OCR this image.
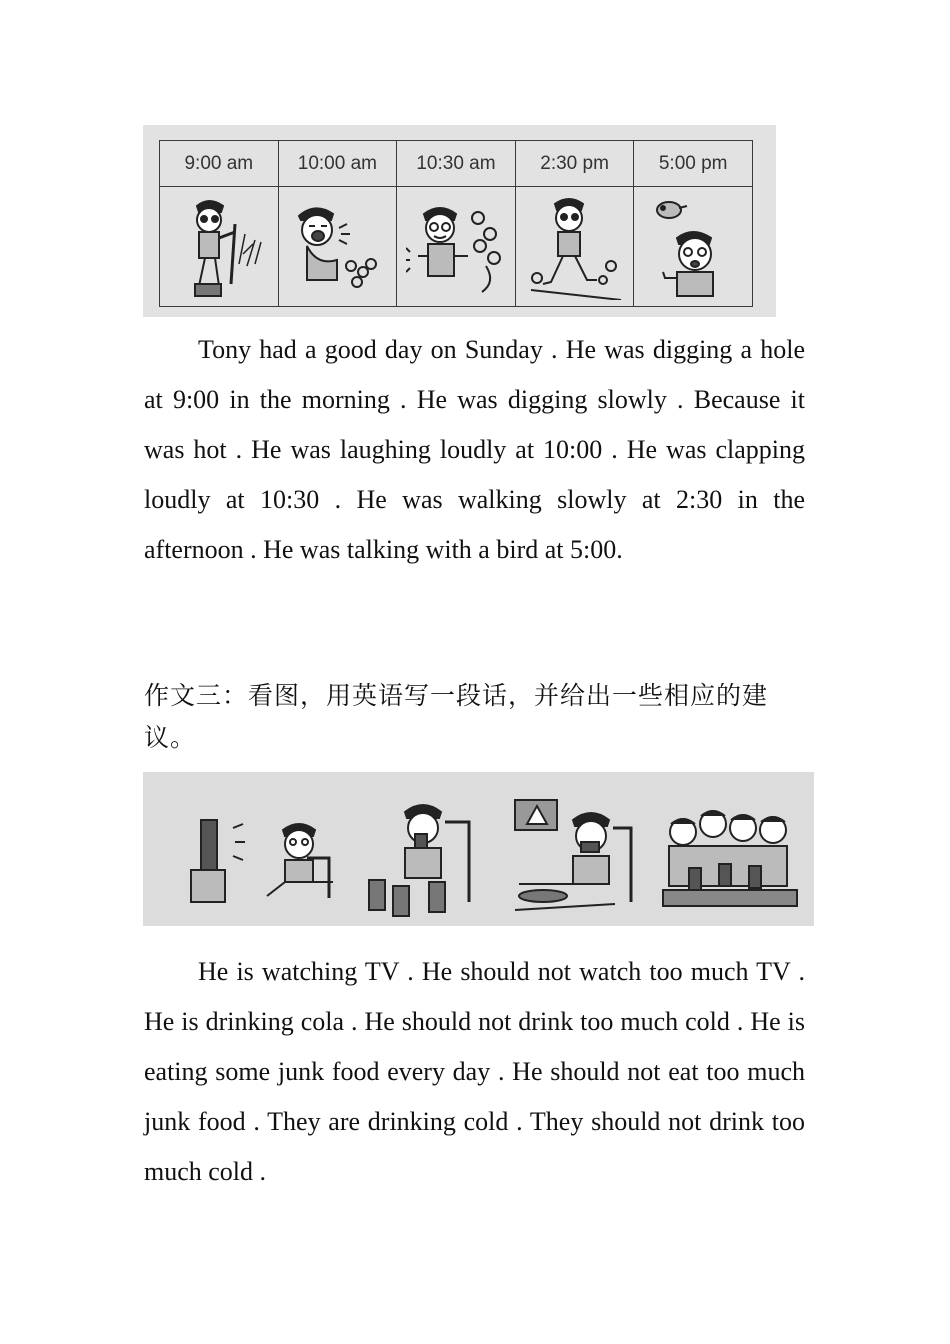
9:00 am	10:00 am	10:30 am	2:30 pm	5:00 pm

Tony had a good day on Sunday . He was digging a hole at 9:00 in the morning . He was digging slowly . Because it was hot . He was laughing loudly at 10:00 . He was clapping loudly at 10:30 . He was walking slowly at 2:30 in the afternoon . He was talking with a bird at 5:00.

作文三：看图，用英语写一段话，并给出一些相应的建议。

He is watching TV . He should not watch too much TV . He is drinking cola . He should not drink too much cold . He is eating some junk food every day . He should not eat too much junk food . They are drinking cold . They should not drink too much cold .
